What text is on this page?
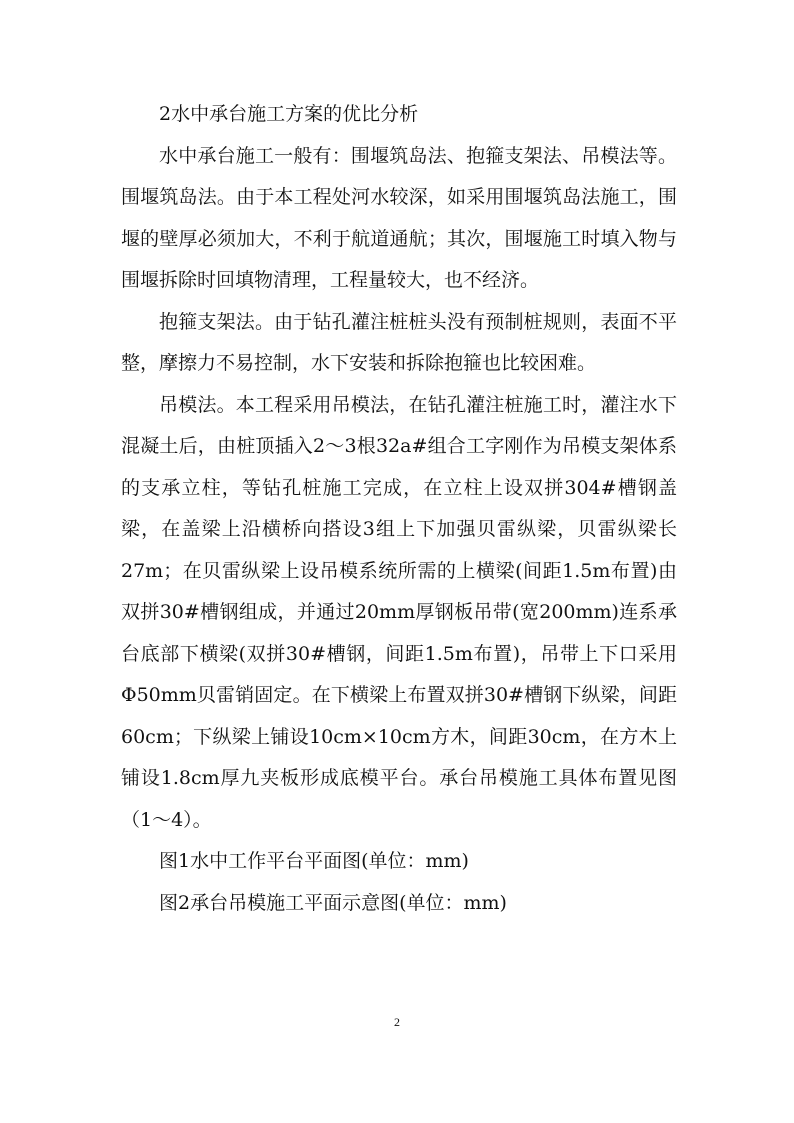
2水中承台施工方案的优比分析

水中承台施工一般有：围堰筑岛法、抱箍支架法、吊模法等。围堰筑岛法。由于本工程处河水较深，如采用围堰筑岛法施工，围堰的壁厚必须加大，不利于航道通航；其次，围堰施工时填入物与围堰拆除时回填物清理，工程量较大，也不经济。

抱箍支架法。由于钻孔灌注桩桩头没有预制桩规则，表面不平整，摩擦力不易控制，水下安装和拆除抱箍也比较困难。

吊模法。本工程采用吊模法，在钻孔灌注桩施工时，灌注水下混凝土后，由桩顶插入2～3根32a#组合工字刚作为吊模支架体系的支承立柱，等钻孔桩施工完成，在立柱上设双拼304#槽钢盖梁，在盖梁上沿横桥向搭设3组上下加强贝雷纵梁，贝雷纵梁长27m；在贝雷纵梁上设吊模系统所需的上横梁(间距1.5m布置)由双拼30#槽钢组成，并通过20mm厚钢板吊带(宽200mm)连系承台底部下横梁(双拼30#槽钢，间距1.5m布置)，吊带上下口采用Φ50mm贝雷销固定。在下横梁上布置双拼30#槽钢下纵梁，间距60cm；下纵梁上铺设10cm×10cm方木，间距30cm，在方木上铺设1.8cm厚九夹板形成底模平台。承台吊模施工具体布置见图（1～4）。

图1水中工作平台平面图(单位：mm)

图2承台吊模施工平面示意图(单位：mm)

2
